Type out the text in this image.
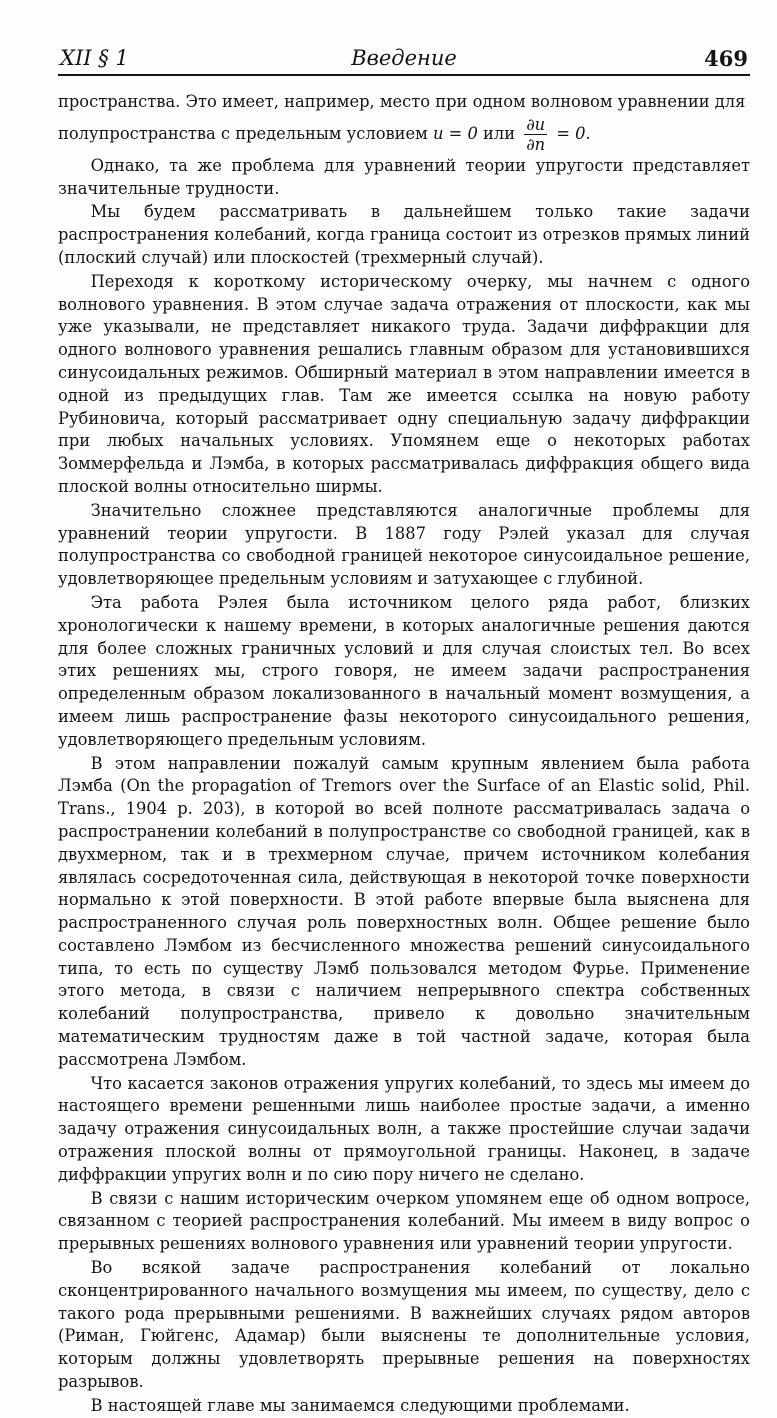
XII § 1	Введение	469

пространства. Это имеет, например, место при одном волновом уравнении для

полупространства с предельным условием u = 0 или $\frac{\partial u}{\partial n} = 0$.

Однако, та же проблема для уравнений теории упругости представляет значительные трудности.

Мы будем рассматривать в дальнейшем только такие задачи распространения колебаний, когда граница состоит из отрезков прямых линий (плоский случай) или плоскостей (трехмерный случай).

Переходя к короткому историческому очерку, мы начнем с одного волнового уравнения. В этом случае задача отражения от плоскости, как мы уже указывали, не представляет никакого труда. Задачи диффракции для одного волнового уравнения решались главным образом для установившихся синусоидальных режимов. Обширный материал в этом направлении имеется в одной из предыдущих глав. Там же имеется ссылка на новую работу Рубиновича, который рассматривает одну специальную задачу диффракции при любых начальных условиях. Упомянем еще о некоторых работах Зоммерфельда и Лэмба, в которых рассматривалась диффракция общего вида плоской волны относительно ширмы.

Значительно сложнее представляются аналогичные проблемы для уравнений теории упругости. В 1887 году Рэлей указал для случая полупространства со свободной границей некоторое синусоидальное решение, удовлетворяющее предельным условиям и затухающее с глубиной.

Эта работа Рэлея была источником целого ряда работ, близких хронологически к нашему времени, в которых аналогичные решения даются для более сложных граничных условий и для случая слоистых тел. Во всех этих решениях мы, строго говоря, не имеем задачи распространения определенным образом локализованного в начальный момент возмущения, а имеем лишь распространение фазы некоторого синусоидального решения, удовлетворяющего предельным условиям.

В этом направлении пожалуй самым крупным явлением была работа Лэмба (On the propagation of Tremors over the Surface of an Elastic solid, Phil. Trans., 1904 p. 203), в которой во всей полноте рассматривалась задача о распространении колебаний в полупространстве со свободной границей, как в двухмерном, так и в трехмерном случае, причем источником колебания являлась сосредоточенная сила, действующая в некоторой точке поверхности нормально к этой поверхности. В этой работе впервые была выяснена для распространенного случая роль поверхностных волн. Общее решение было составлено Лэмбом из бесчисленного множества решений синусоидального типа, то есть по существу Лэмб пользовался методом Фурье. Применение этого метода, в связи с наличием непрерывного спектра собственных колебаний полупространства, привело к довольно значительным математическим трудностям даже в той частной задаче, которая была рассмотрена Лэмбом.

Что касается законов отражения упругих колебаний, то здесь мы имеем до настоящего времени решенными лишь наиболее простые задачи, а именно задачу отражения синусоидальных волн, а также простейшие случаи задачи отражения плоской волны от прямоугольной границы. Наконец, в задаче диффракции упругих волн и по сию пору ничего не сделано.

В связи с нашим историческим очерком упомянем еще об одном вопросе, связанном с теорией распространения колебаний. Мы имеем в виду вопрос о прерывных решениях волнового уравнения или уравнений теории упругости.

Во всякой задаче распространения колебаний от локально сконцентрированного начального возмущения мы имеем, по существу, дело с такого рода прерывными решениями. В важнейших случаях рядом авторов (Риман, Гюйгенс, Адамар) были выяснены те дополнительные условия, которым должны удовлетворять прерывные решения на поверхностях разрывов.

В настоящей главе мы занимаемся следующими проблемами.
